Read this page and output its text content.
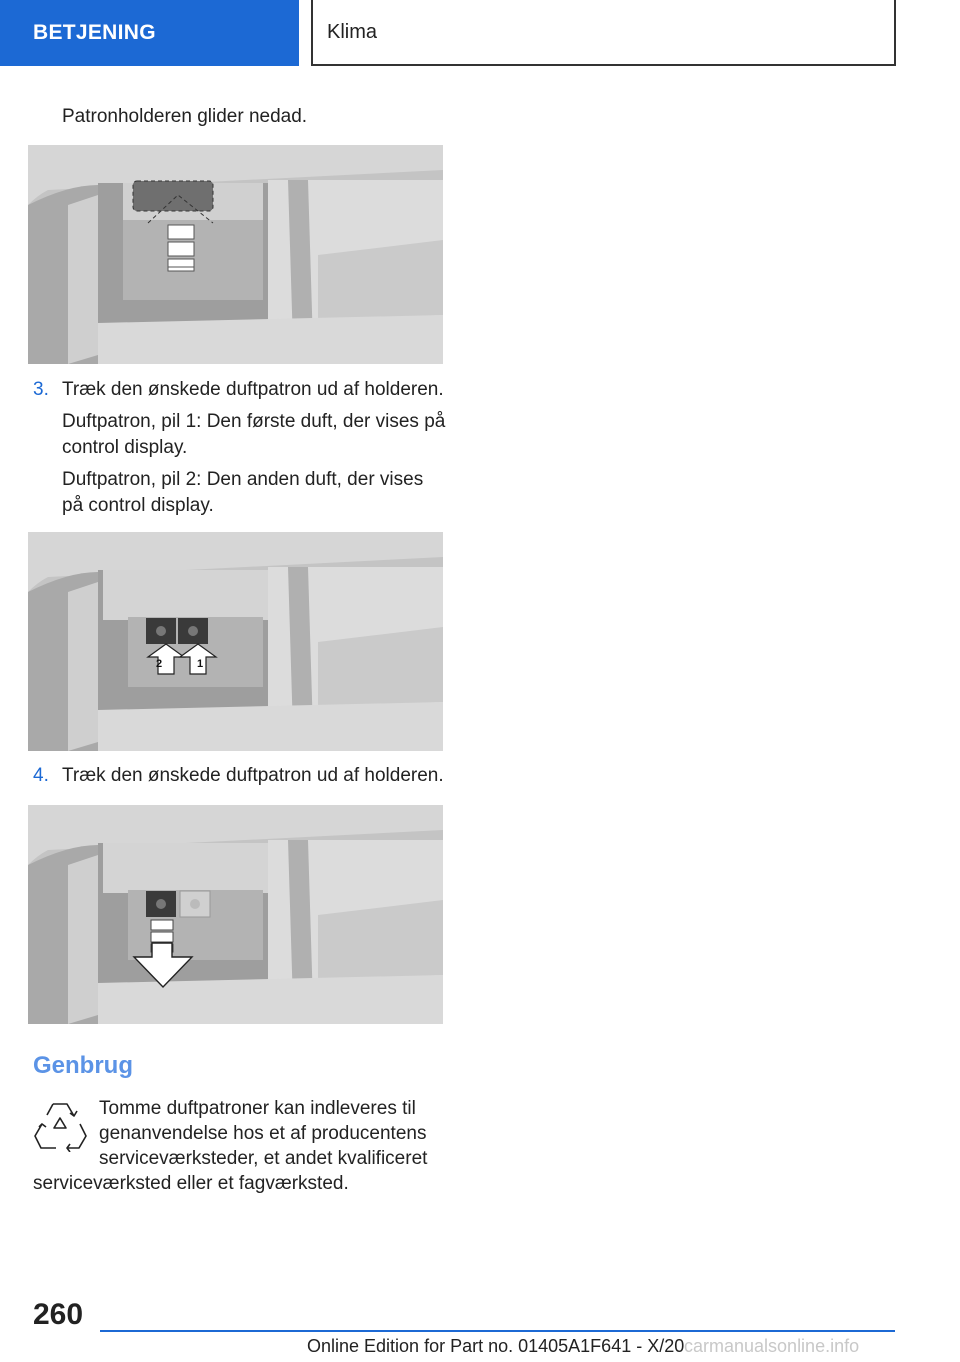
BETJENING	Klima
Patronholderen glider nedad.
3. Træk den ønskede duftpatron ud af holderen.
Duftpatron, pil 1: Den første duft, der vises på
control display.
Duftpatron, pil 2: Den anden duft, der vises
på control display.
2	1
4. Træk den ønskede duftpatron ud af holderen.
Genbrug
Tomme duftpatroner kan indleveres til
genanvendelse hos et af producentens
serviceværksteder, et andet kvalificeret
serviceværksted eller et fagværksted.
260
Online Edition for Part no. 01405A1F641 - X/20 carmanualsonline.info
